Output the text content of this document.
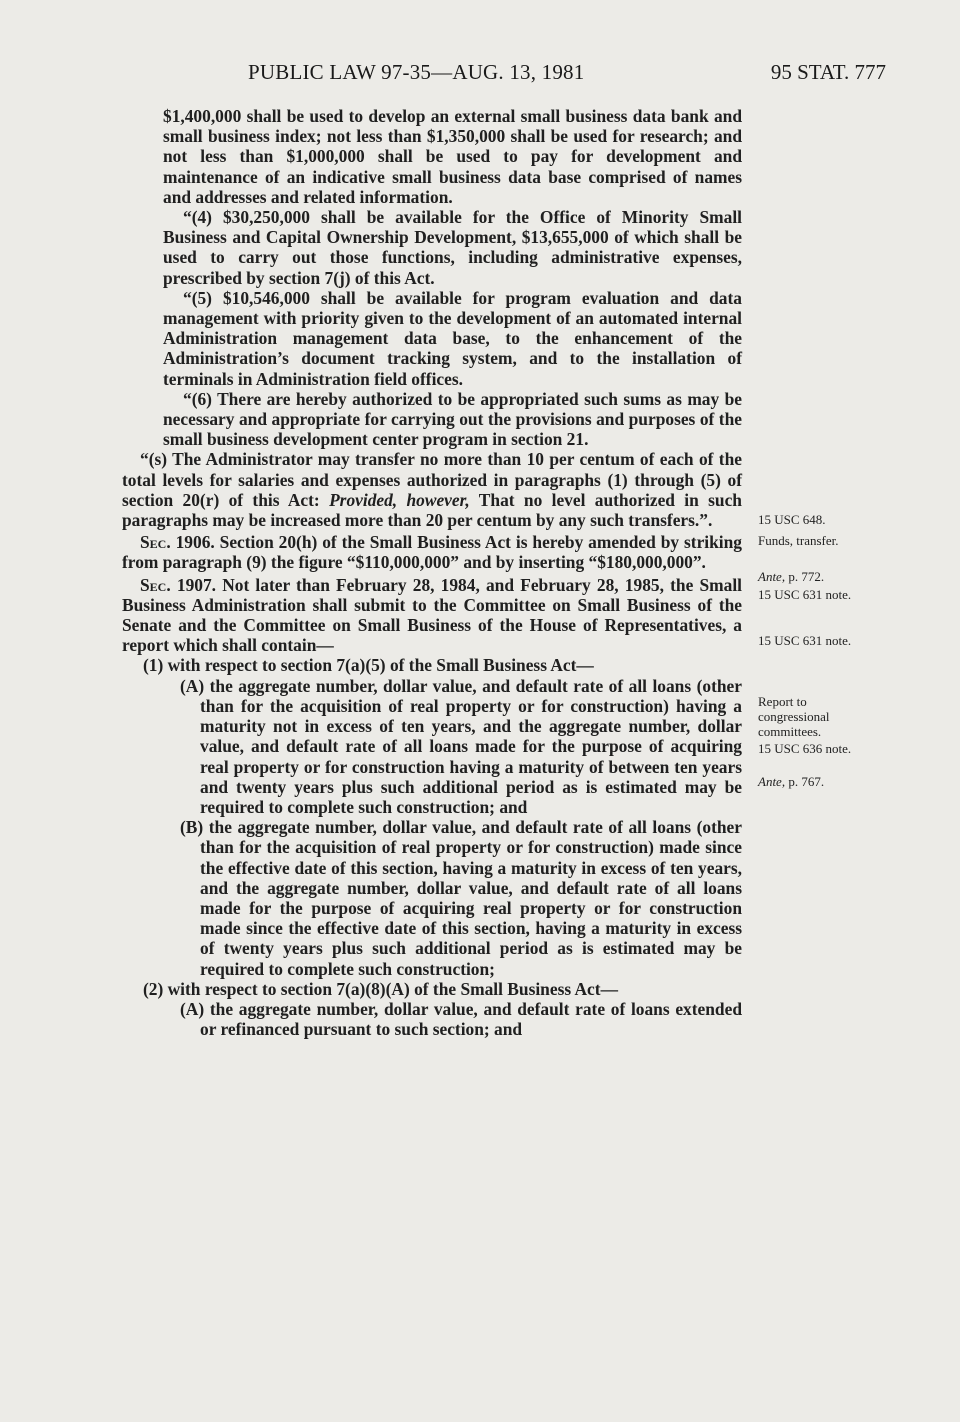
PUBLIC LAW 97-35—AUG. 13, 1981	95 STAT. 777

$1,400,000 shall be used to develop an external small business data bank and small business index; not less than $1,350,000 shall be used for research; and not less than $1,000,000 shall be used to pay for development and maintenance of an indicative small business data base comprised of names and addresses and related information.

“(4) $30,250,000 shall be available for the Office of Minority Small Business and Capital Ownership Development, $13,655,000 of which shall be used to carry out those functions, including administrative expenses, prescribed by section 7(j) of this Act.

“(5) $10,546,000 shall be available for program evaluation and data management with priority given to the development of an automated internal Administration management data base, to the enhancement of the Administration’s document tracking system, and to the installation of terminals in Administration field offices.

“(6) There are hereby authorized to be appropriated such sums as may be necessary and appropriate for carrying out the provisions and purposes of the small business development center program in section 21.

“(s) The Administrator may transfer no more than 10 per centum of each of the total levels for salaries and expenses authorized in paragraphs (1) through (5) of section 20(r) of this Act: Provided, however, That no level authorized in such paragraphs may be increased more than 20 per centum by any such transfers.”.

Sec. 1906. Section 20(h) of the Small Business Act is hereby amended by striking from paragraph (9) the figure “$110,000,000” and by inserting “$180,000,000”.

Sec. 1907. Not later than February 28, 1984, and February 28, 1985, the Small Business Administration shall submit to the Committee on Small Business of the Senate and the Committee on Small Business of the House of Representatives, a report which shall contain—

(1) with respect to section 7(a)(5) of the Small Business Act—

(A) the aggregate number, dollar value, and default rate of all loans (other than for the acquisition of real property or for construction) having a maturity not in excess of ten years, and the aggregate number, dollar value, and default rate of all loans made for the purpose of acquiring real property or for construction having a maturity of between ten years and twenty years plus such additional period as is estimated may be required to complete such construction; and

(B) the aggregate number, dollar value, and default rate of all loans (other than for the acquisition of real property or for construction) made since the effective date of this section, having a maturity in excess of ten years, and the aggregate number, dollar value, and default rate of all loans made for the purpose of acquiring real property or for construction made since the effective date of this section, having a maturity in excess of twenty years plus such additional period as is estimated may be required to complete such construction;

(2) with respect to section 7(a)(8)(A) of the Small Business Act—

(A) the aggregate number, dollar value, and default rate of loans extended or refinanced pursuant to such section; and

15 USC 648.
Funds, transfer.
Ante, p. 772.
15 USC 631 note.
15 USC 631 note.
Report to
congressional
committees.
15 USC 636 note.
Ante, p. 767.
